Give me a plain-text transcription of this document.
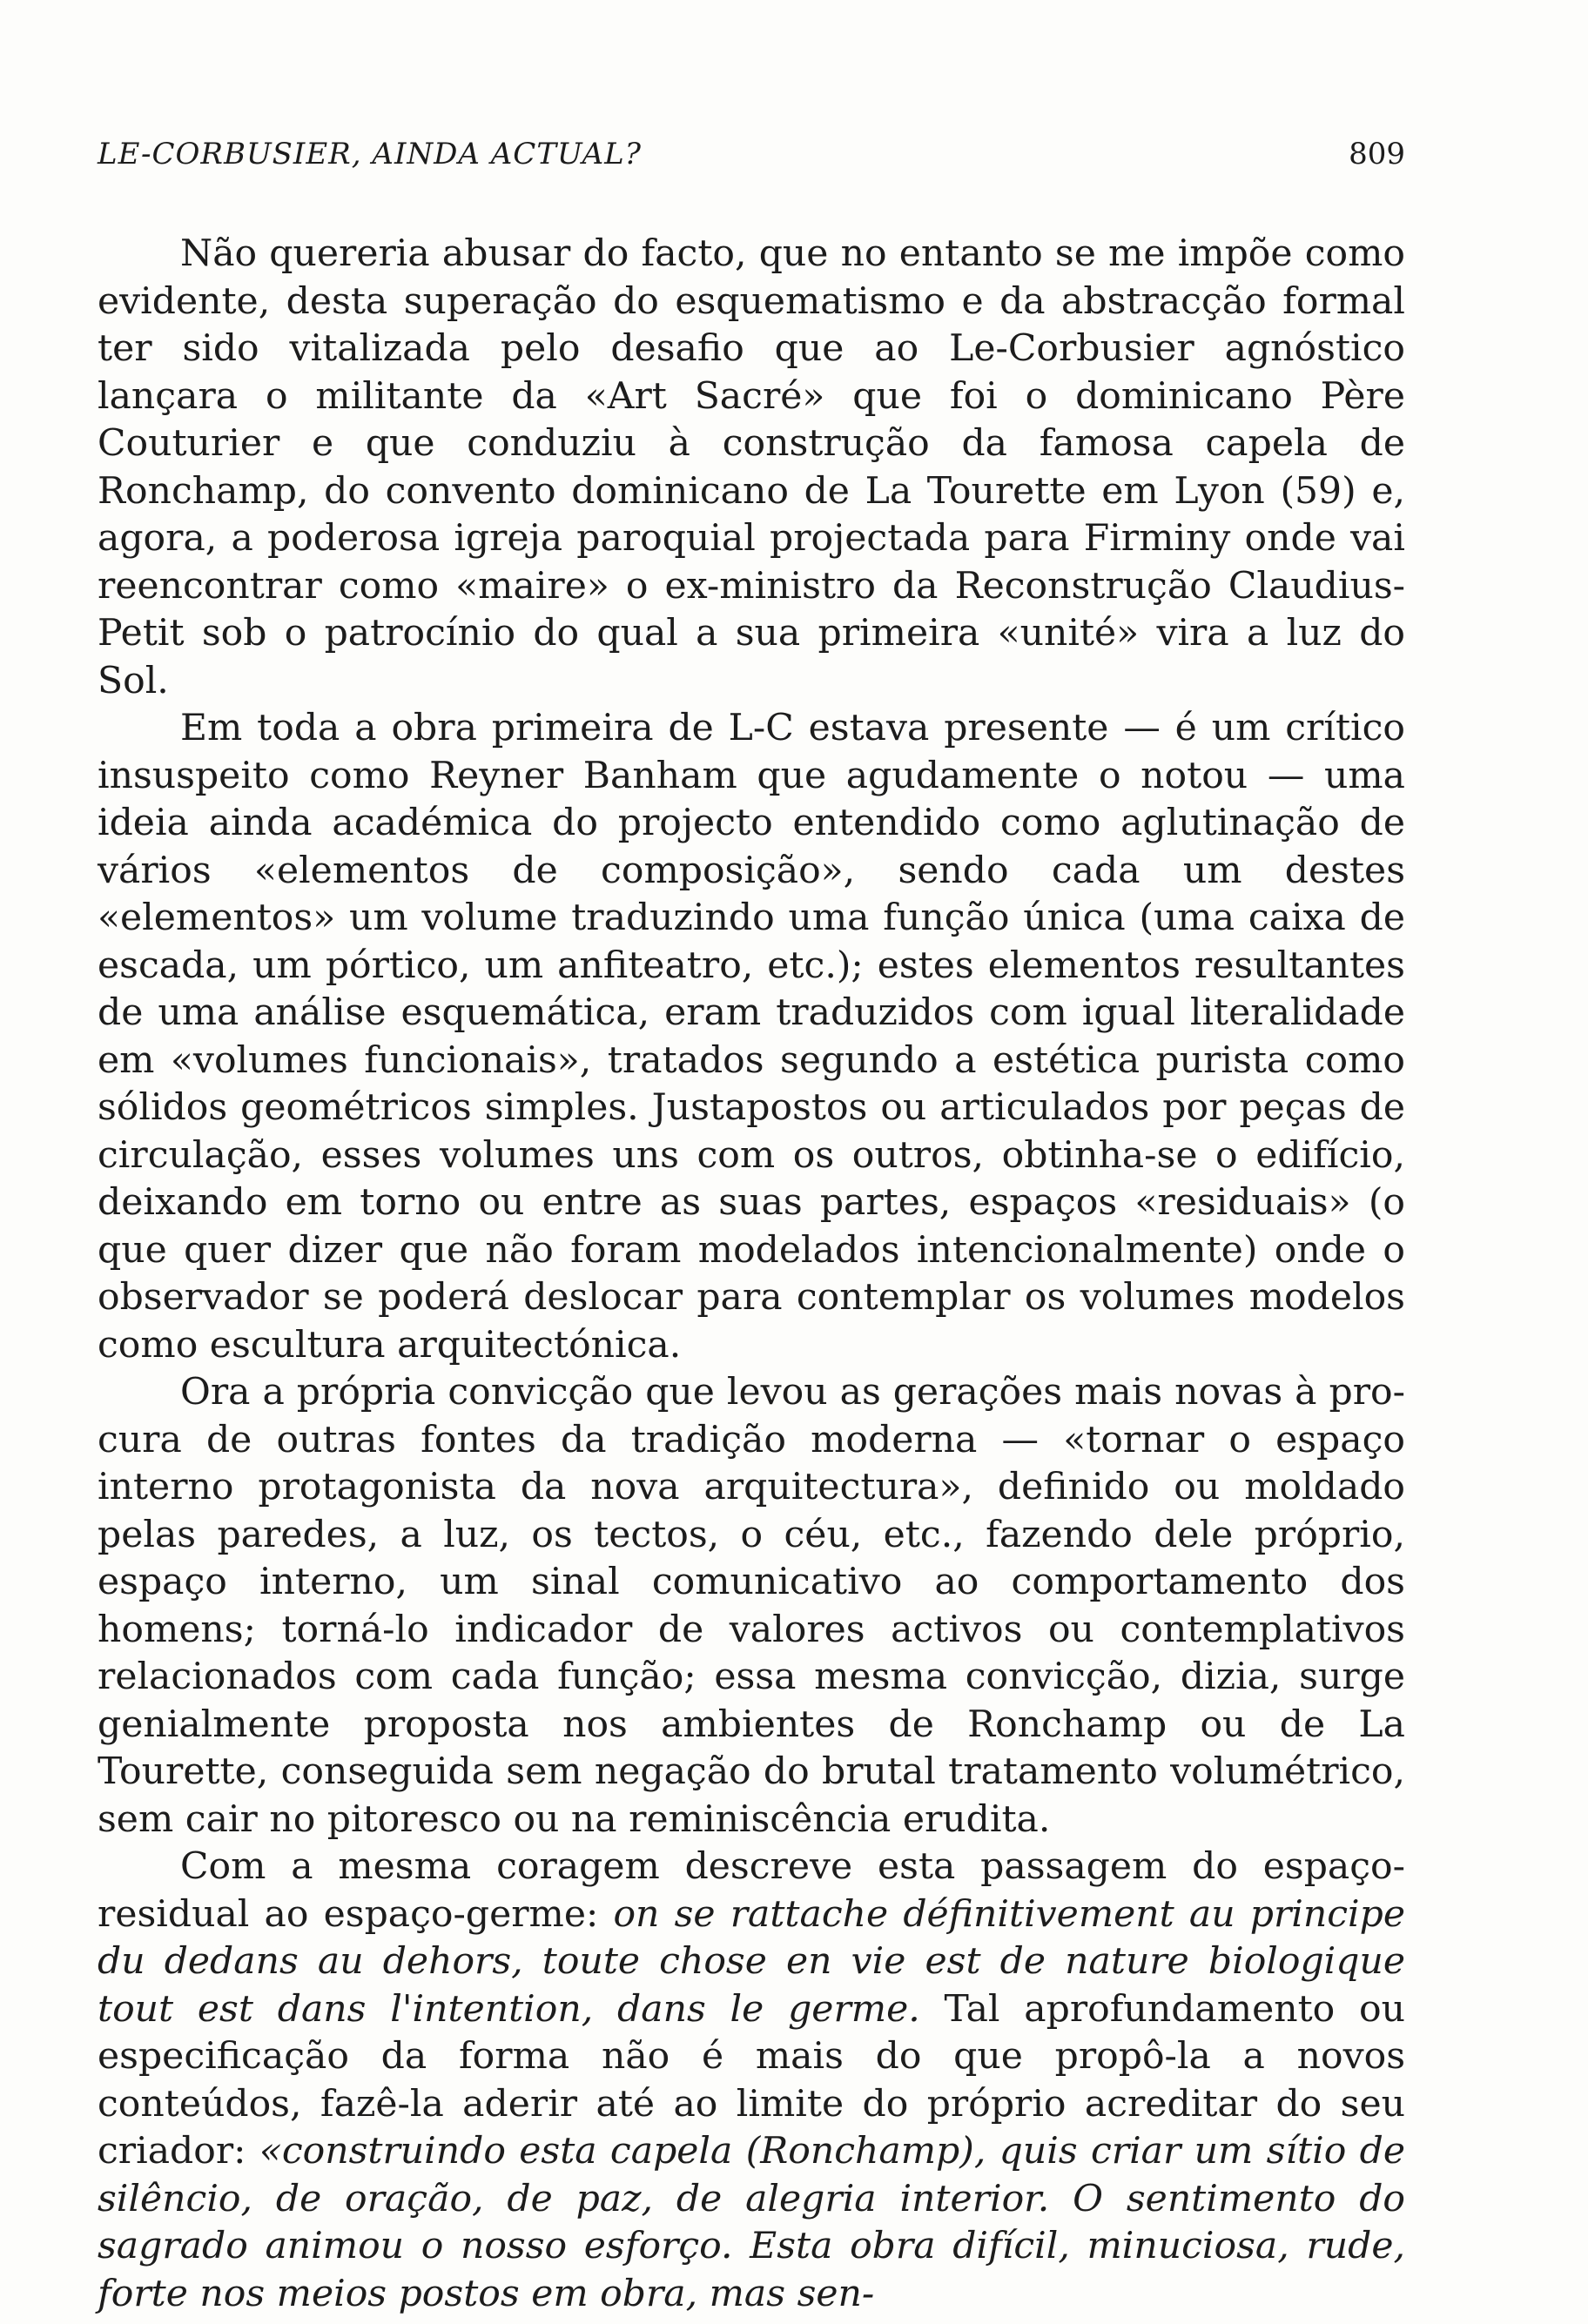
LE-CORBUSIER, AINDA ACTUAL?	809

Não quereria abusar do facto, que no entanto se me impõe como evidente, desta superação do esquematismo e da abstracção formal ter sido vitalizada pelo desafio que ao Le-Corbusier agnóstico lançara o militante da «Art Sacré» que foi o dominicano Père Couturier e que conduziu à construção da famosa capela de Ronchamp, do convento dominicano de La Tourette em Lyon (59) e, agora, a poderosa igreja paroquial projectada para Firminy onde vai reencontrar como «maire» o ex-ministro da Reconstrução Claudius-Petit sob o patrocínio do qual a sua primeira «unité» vira a luz do Sol.

Em toda a obra primeira de L-C estava presente — é um crítico insuspeito como Reyner Banham que agudamente o notou — uma ideia ainda académica do projecto entendido como aglutinação de vários «elementos de composição», sendo cada um destes «elementos» um volume traduzindo uma função única (uma caixa de escada, um pórtico, um anfiteatro, etc.); estes elementos resultantes de uma análise esquemática, eram traduzidos com igual literalidade em «volumes funcionais», tratados segundo a estética purista como sólidos geométricos simples. Justapostos ou articulados por peças de circulação, esses volumes uns com os outros, obtinha-se o edifício, deixando em torno ou entre as suas partes, espaços «residuais» (o que quer dizer que não foram modelados intencionalmente) onde o observador se poderá deslocar para contemplar os volumes modelos como escultura arquitectónica.

Ora a própria convicção que levou as gerações mais novas à procura de outras fontes da tradição moderna — «tornar o espaço interno protagonista da nova arquitectura», definido ou moldado pelas paredes, a luz, os tectos, o céu, etc., fazendo dele próprio, espaço interno, um sinal comunicativo ao comportamento dos homens; torná-lo indicador de valores activos ou contemplativos relacionados com cada função; essa mesma convicção, dizia, surge genialmente proposta nos ambientes de Ronchamp ou de La Tourette, conseguida sem negação do brutal tratamento volumétrico, sem cair no pitoresco ou na reminiscência erudita.

Com a mesma coragem descreve esta passagem do espaço-residual ao espaço-germe: on se rattache définitivement au principe du dedans au dehors, toute chose en vie est de nature biologique tout est dans l'intention, dans le germe. Tal aprofundamento ou especificação da forma não é mais do que propô-la a novos conteúdos, fazê-la aderir até ao limite do próprio acreditar do seu criador: «construindo esta capela (Ronchamp), quis criar um sítio de silêncio, de oração, de paz, de alegria interior. O sentimento do sagrado animou o nosso esforço. Esta obra difícil, minuciosa, rude, forte nos meios postos em obra, mas sen-
